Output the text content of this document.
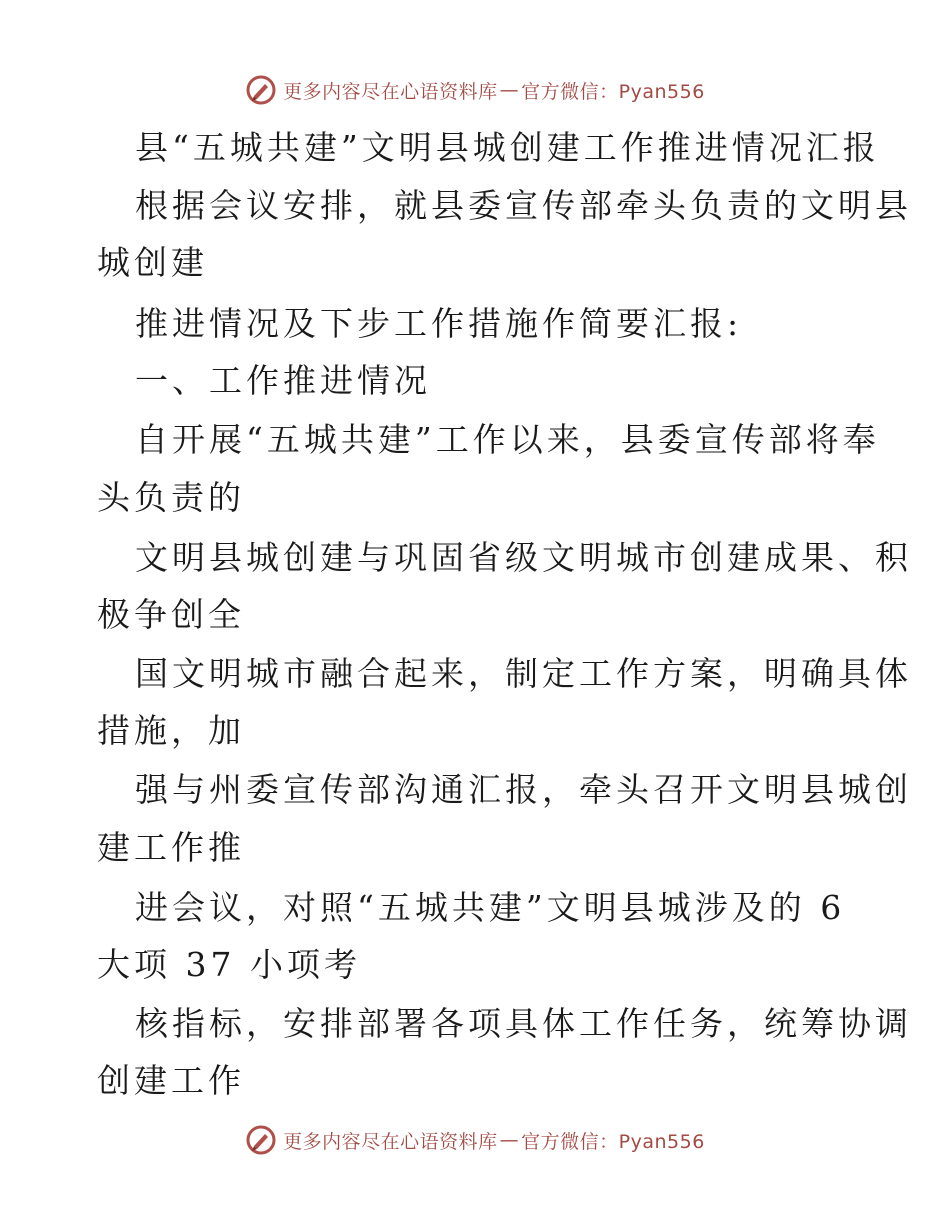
更多内容尽在心语资料库 — 官方微信：Pyan556
县“五城共建”文明县城创建工作推进情况汇报
根据会议安排，就县委宣传部牵头负责的文明县
城创建
推进情况及下步工作措施作简要汇报:
一、工作推进情况
自开展“五城共建”工作以来，县委宣传部将奉
头负责的
文明县城创建与巩固省级文明城市创建成果、积
极争创全
国文明城市融合起来，制定工作方案，明确具体
措施，加
强与州委宣传部沟通汇报，牵头召开文明县城创
建工作推
进会议，对照“五城共建”文明县城涉及的 6
大项 37 小项考
核指标，安排部署各项具体工作任务，统筹协调
创建工作
更多内容尽在心语资料库 — 官方微信：Pyan556
